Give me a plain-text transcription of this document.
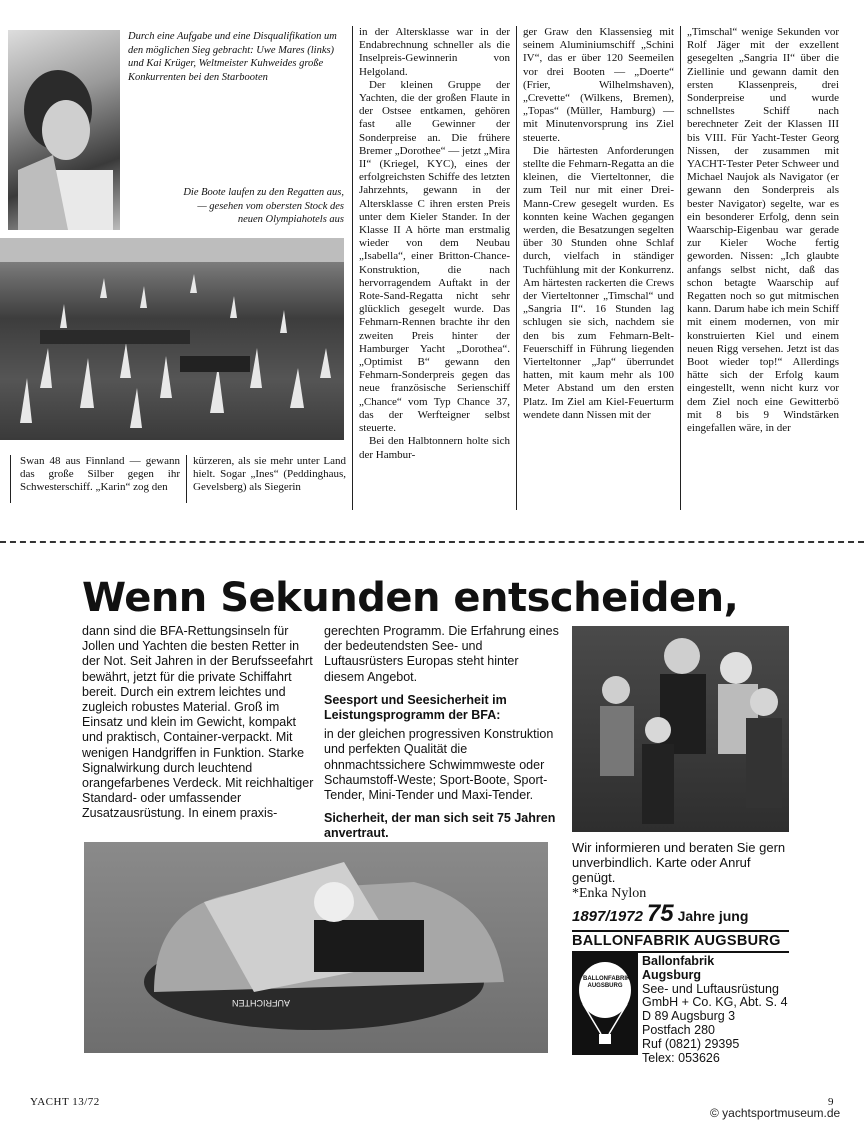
Durch eine Aufgabe und eine Disqualifikation um den möglichen Sieg gebracht: Uwe Mares (links) und Kai Krüger, Weltmeister Kuhweides große Konkurrenten bei den Starbooten
Die Boote laufen zu den Regatten aus, — gesehen vom obersten Stock des neuen Olympiahotels aus

Swan 48 aus Finnland — gewann das große Silber gegen ihr Schwesterschiff. „Karin“ zog den

kürzeren, als sie mehr unter Land hielt. Sogar „Ines“ (Peddinghaus, Gevelsberg) als Siegerin

in der Altersklasse war in der Endabrechnung schneller als die Inselpreis-Gewinnerin von Helgoland.

Der kleinen Gruppe der Yachten, die der großen Flaute in der Ostsee entkamen, gehören fast alle Gewinner der Sonderpreise an. Die frühere Bremer „Dorothee“ — jetzt „Mira II“ (Kriegel, KYC), eines der erfolgreichsten Schiffe des letzten Jahrzehnts, gewann in der Altersklasse C ihren ersten Preis unter dem Kieler Stander. In der Klasse II A hörte man erstmalig wieder von dem Neubau „Isabella“, einer Britton-Chance-Konstruktion, die nach hervorragendem Auftakt in der Rote-Sand-Regatta nicht sehr glücklich gesegelt wurde. Das Fehmarn-Rennen brachte ihr den zweiten Preis hinter der Hamburger Yacht „Dorothea“. „Optimist B“ gewann den Fehmarn-Sonderpreis gegen das neue französische Serienschiff „Chance“ vom Typ Chance 37, das der Werfteigner selbst steuerte.

Bei den Halbtonnern holte sich der Hambur-

ger Graw den Klassensieg mit seinem Aluminiumschiff „Schini IV“, das er über 120 Seemeilen vor drei Booten — „Doerte“ (Frier, Wilhelmshaven), „Crevette“ (Wilkens, Bremen), „Topas“ (Müller, Hamburg) — mit Minutenvorsprung ins Ziel steuerte.

Die härtesten Anforderungen stellte die Fehmarn-Regatta an die kleinen, die Vierteltonner, die zum Teil nur mit einer Drei-Mann-Crew gesegelt wurden. Es konnten keine Wachen gegangen werden, die Besatzungen segelten über 30 Stunden ohne Schlaf durch, vielfach in ständiger Tuchfühlung mit der Konkurrenz. Am härtesten rackerten die Crews der Vierteltonner „Timschal“ und „Sangria II“. 16 Stunden lag schlugen sie sich, nachdem sie den bis zum Fehmarn-Belt-Feuerschiff in Führung liegenden Vierteltonner „Jap“ überrundet hatten, mit kaum mehr als 100 Meter Abstand um den ersten Platz. Im Ziel am Kiel-Feuerturm wendete dann Nissen mit der

„Timschal“ wenige Sekunden vor Rolf Jäger mit der exzellent gesegelten „Sangria II“ über die Ziellinie und gewann damit den ersten Klassenpreis, drei Sonderpreise und wurde schnellstes Schiff nach berechneter Zeit der Klassen III bis VIII. Für Yacht-Tester Georg Nissen, der zusammen mit YACHT-Tester Peter Schweer und Michael Naujok als Navigator (er gewann den Sonderpreis als bester Navigator) segelte, war es ein besonderer Erfolg, denn sein Waarschip-Eigenbau war gerade zur Kieler Woche fertig geworden. Nissen: „Ich glaubte anfangs selbst nicht, daß das schon betagte Waarschip auf Regatten noch so gut mitmischen kann. Darum habe ich mein Schiff mit einem modernen, von mir konstruierten Kiel und einem neuen Rigg versehen. Jetzt ist das Boot wieder top!“ Allerdings hätte sich der Erfolg kaum eingestellt, wenn nicht kurz vor dem Ziel noch eine Gewitterbö mit 8 bis 9 Windstärken eingefallen wäre, in der

Wenn Sekunden entscheiden,
dann sind die BFA-Rettungsinseln für Jollen und Yachten die besten Retter in der Not. Seit Jahren in der Berufsseefahrt bewährt, jetzt für die private Schiffahrt bereit. Durch ein extrem leichtes und zugleich robustes Material. Groß im Einsatz und klein im Gewicht, kompakt und praktisch, Container-verpackt. Mit wenigen Handgriffen in Funktion. Starke Signalwirkung durch leuchtend orangefarbenes Verdeck. Mit reichhaltiger Standard- oder umfassender Zusatzausrüstung. In einem praxis-
gerechten Programm. Die Erfahrung eines der bedeutendsten See- und Luftausrüsters Europas steht hinter diesem Angebot.
Seesport und Seesicherheit im Leistungsprogramm der BFA:
in der gleichen progressiven Konstruktion und perfekten Qualität die ohnmachtssichere Schwimmweste oder Schaumstoff-Weste; Sport-Boote, Sport-Tender, Mini-Tender und Maxi-Tender.
Sicherheit, der man sich seit 75 Jahren anvertraut.
AUFRICHTEN
Wir informieren und beraten Sie gern unverbindlich. Karte oder Anruf genügt.
*Enka Nylon
1897/1972 75 Jahre jung
BALLONFABRIK AUGSBURG
BALLONFABRIK AUGSBURG
Ballonfabrik
Augsburg
See- und Luftausrüstung
GmbH + Co. KG, Abt. S. 4
D 89 Augsburg 3
Postfach 280
Ruf (0821) 29395
Telex: 053626
YACHT 13/72	9
© yachtsportmuseum.de
